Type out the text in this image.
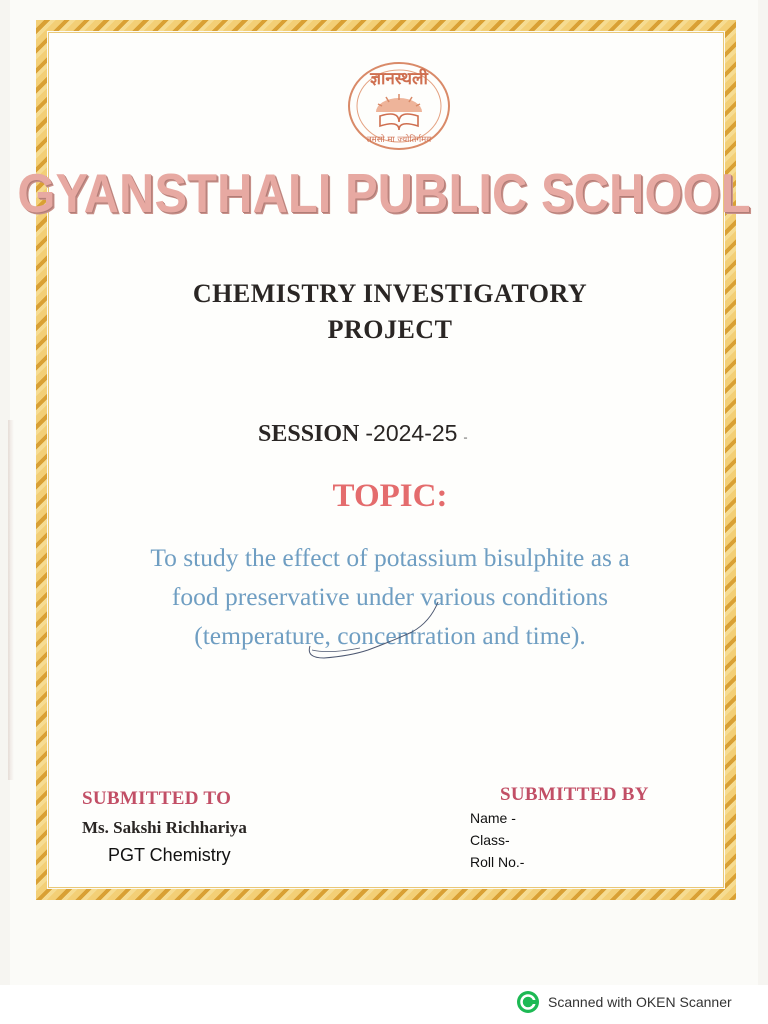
ज्ञानस्थली
तमसो मा ज्योतिर्गमय
GYANSTHALI PUBLIC SCHOOL
CHEMISTRY INVESTIGATORY
PROJECT
SESSION -2024-25 -
TOPIC:
To study the effect of potassium bisulphite as a
food preservative under various conditions
(temperature, concentration and time).
SUBMITTED TO
Ms. Sakshi Richhariya
PGT Chemistry
SUBMITTED BY
Name -
Class-
Roll No.-
Scanned with OKEN Scanner
